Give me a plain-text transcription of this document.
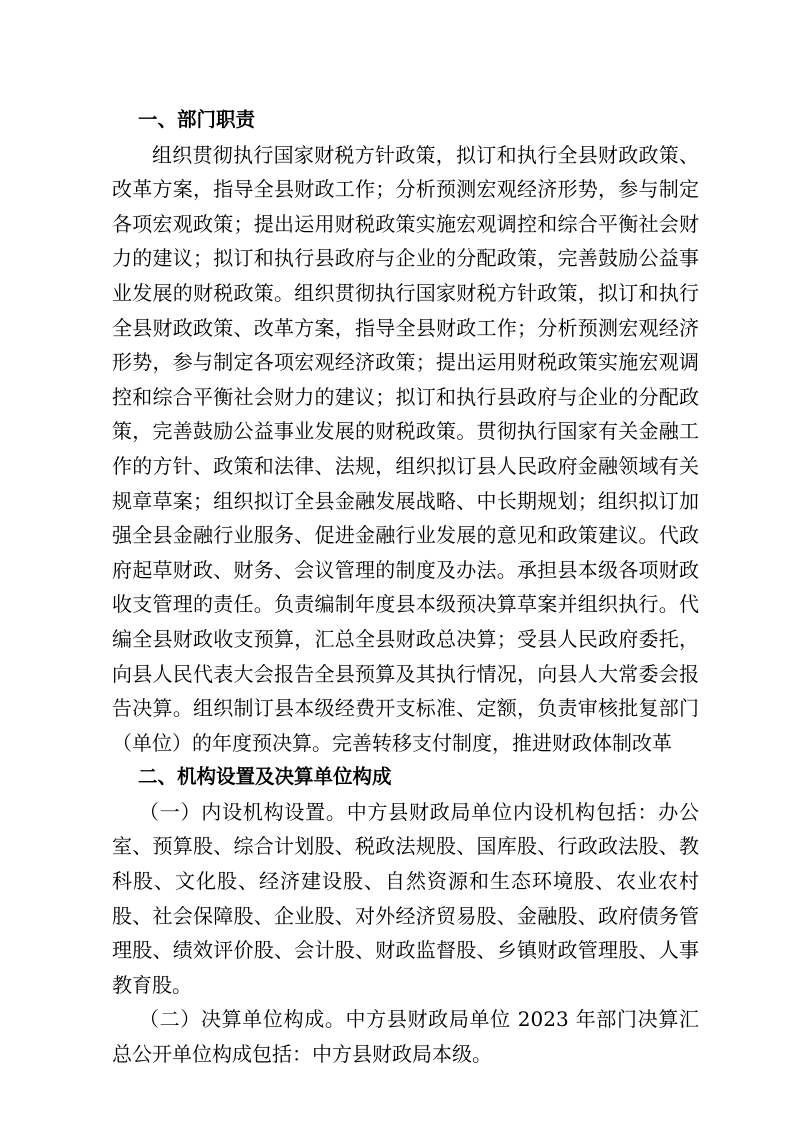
一、部门职责

组织贯彻执行国家财税方针政策，拟订和执行全县财政政策、改革方案，指导全县财政工作；分析预测宏观经济形势，参与制定各项宏观政策；提出运用财税政策实施宏观调控和综合平衡社会财力的建议；拟订和执行县政府与企业的分配政策，完善鼓励公益事业发展的财税政策。组织贯彻执行国家财税方针政策，拟订和执行全县财政政策、改革方案，指导全县财政工作；分析预测宏观经济形势，参与制定各项宏观经济政策；提出运用财税政策实施宏观调控和综合平衡社会财力的建议；拟订和执行县政府与企业的分配政策，完善鼓励公益事业发展的财税政策。贯彻执行国家有关金融工作的方针、政策和法律、法规，组织拟订县人民政府金融领域有关规章草案；组织拟订全县金融发展战略、中长期规划；组织拟订加强全县金融行业服务、促进金融行业发展的意见和政策建议。代政府起草财政、财务、会议管理的制度及办法。承担县本级各项财政收支管理的责任。负责编制年度县本级预决算草案并组织执行。代编全县财政收支预算，汇总全县财政总决算；受县人民政府委托，向县人民代表大会报告全县预算及其执行情况，向县人大常委会报告决算。组织制订县本级经费开支标准、定额，负责审核批复部门（单位）的年度预决算。完善转移支付制度，推进财政体制改革

二、机构设置及决算单位构成

（一）内设机构设置。中方县财政局单位内设机构包括：办公室、预算股、综合计划股、税政法规股、国库股、行政政法股、教科股、文化股、经济建设股、自然资源和生态环境股、农业农村股、社会保障股、企业股、对外经济贸易股、金融股、政府债务管理股、绩效评价股、会计股、财政监督股、乡镇财政管理股、人事教育股。

（二）决算单位构成。中方县财政局单位 2023 年部门决算汇总公开单位构成包括：中方县财政局本级。
